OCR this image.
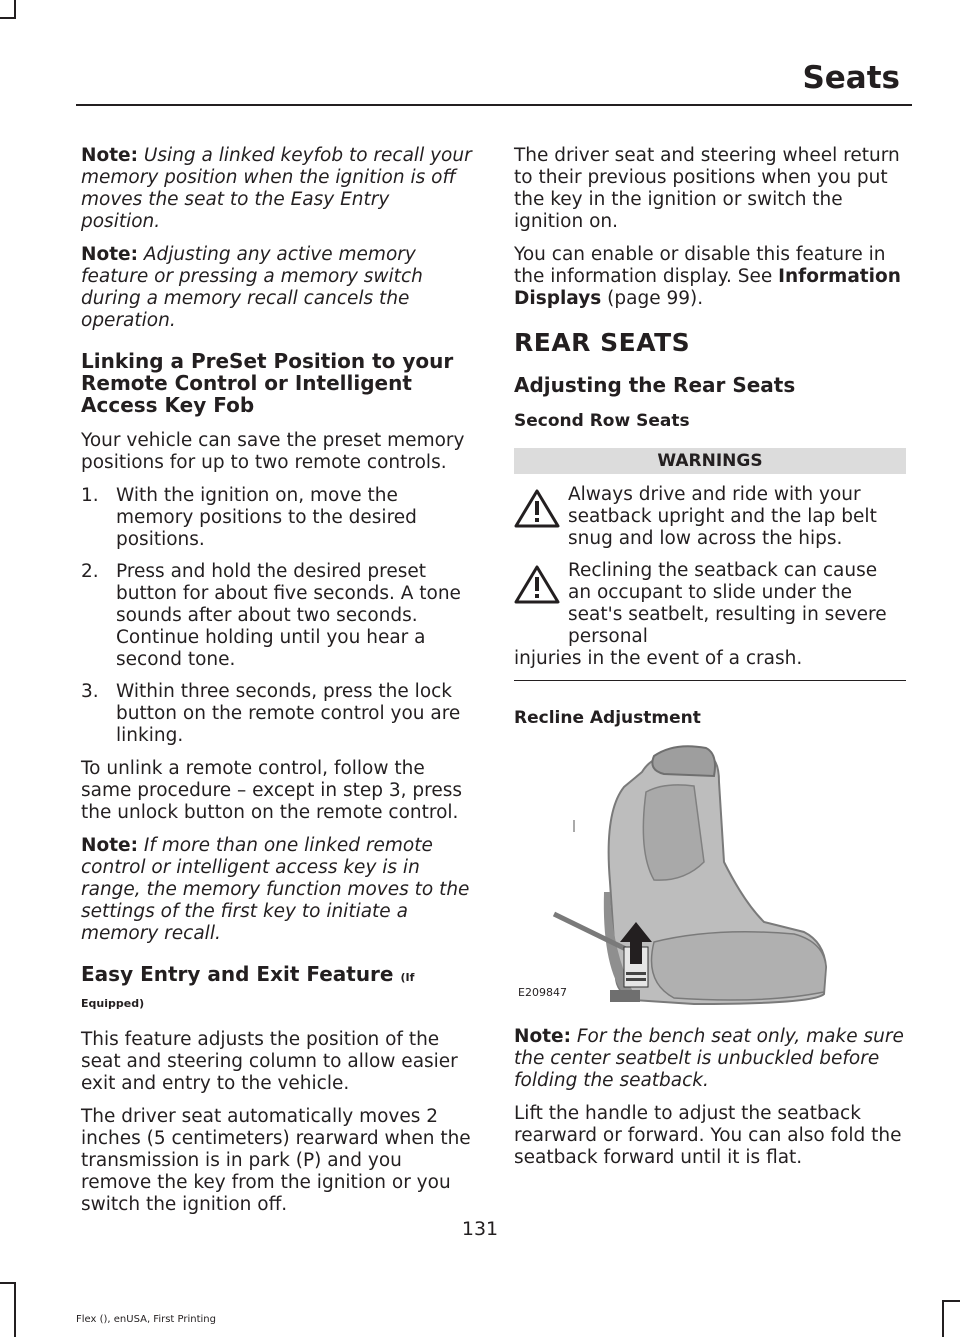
Seats

Note: Using a linked keyfob to recall your memory position when the ignition is off moves the seat to the Easy Entry position.

Note: Adjusting any active memory feature or pressing a memory switch during a memory recall cancels the operation.

Linking a PreSet Position to your Remote Control or Intelligent Access Key Fob

Your vehicle can save the preset memory positions for up to two remote controls.

1. With the ignition on, move the memory positions to the desired positions.
2. Press and hold the desired preset button for about five seconds. A tone sounds after about two seconds. Continue holding until you hear a second tone.
3. Within three seconds, press the lock button on the remote control you are linking.

To unlink a remote control, follow the same procedure – except in step 3, press the unlock button on the remote control.

Note: If more than one linked remote control or intelligent access key is in range, the memory function moves to the settings of the first key to initiate a memory recall.

Easy Entry and Exit Feature (If Equipped)

This feature adjusts the position of the seat and steering column to allow easier exit and entry to the vehicle.

The driver seat automatically moves 2 inches (5 centimeters) rearward when the transmission is in park (P) and you remove the key from the ignition or you switch the ignition off.

The driver seat and steering wheel return to their previous positions when you put the key in the ignition or switch the ignition on.

You can enable or disable this feature in the information display. See Information Displays (page 99).

REAR SEATS
Adjusting the Rear Seats
Second Row Seats
WARNINGS
Always drive and ride with your seatback upright and the lap belt snug and low across the hips.
Reclining the seatback can cause an occupant to slide under the seat's seatbelt, resulting in severe personal
injuries in the event of a crash.
Recline Adjustment
E209847

Note: For the bench seat only, make sure the center seatbelt is unbuckled before folding the seatback.

Lift the handle to adjust the seatback rearward or forward. You can also fold the seatback forward until it is flat.

131
Flex (), enUSA, First Printing
